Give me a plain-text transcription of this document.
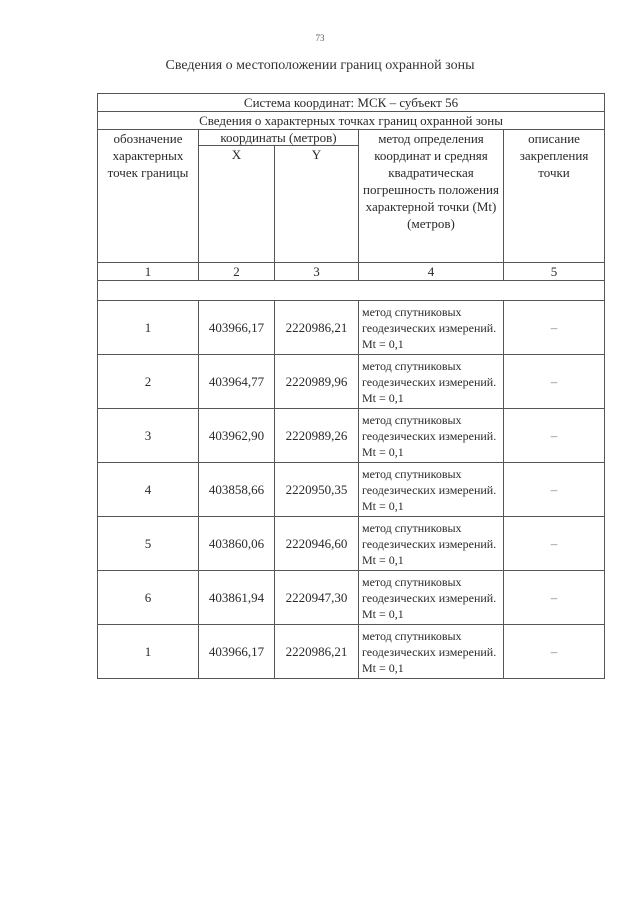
73
Сведения о местоположении границ охранной зоны
Система координат: МСК – субъект 56				
Сведения о характерных точках границ охранной зоны				
обозначение характерных точек границы	координаты (метров)		метод определения координат и средняя квадратическая погрешность положения характерной точки (Mt) (метров)	описание закрепления точки
	X	Y		
1	2	3	4	5

1	403966,17	2220986,21	метод спутниковых геодезических измерений. Mt = 0,1	–
2	403964,77	2220989,96	метод спутниковых геодезических измерений. Mt = 0,1	–
3	403962,90	2220989,26	метод спутниковых геодезических измерений. Mt = 0,1	–
4	403858,66	2220950,35	метод спутниковых геодезических измерений. Mt = 0,1	–
5	403860,06	2220946,60	метод спутниковых геодезических измерений. Mt = 0,1	–
6	403861,94	2220947,30	метод спутниковых геодезических измерений. Mt = 0,1	–
1	403966,17	2220986,21	метод спутниковых геодезических измерений. Mt = 0,1	–
